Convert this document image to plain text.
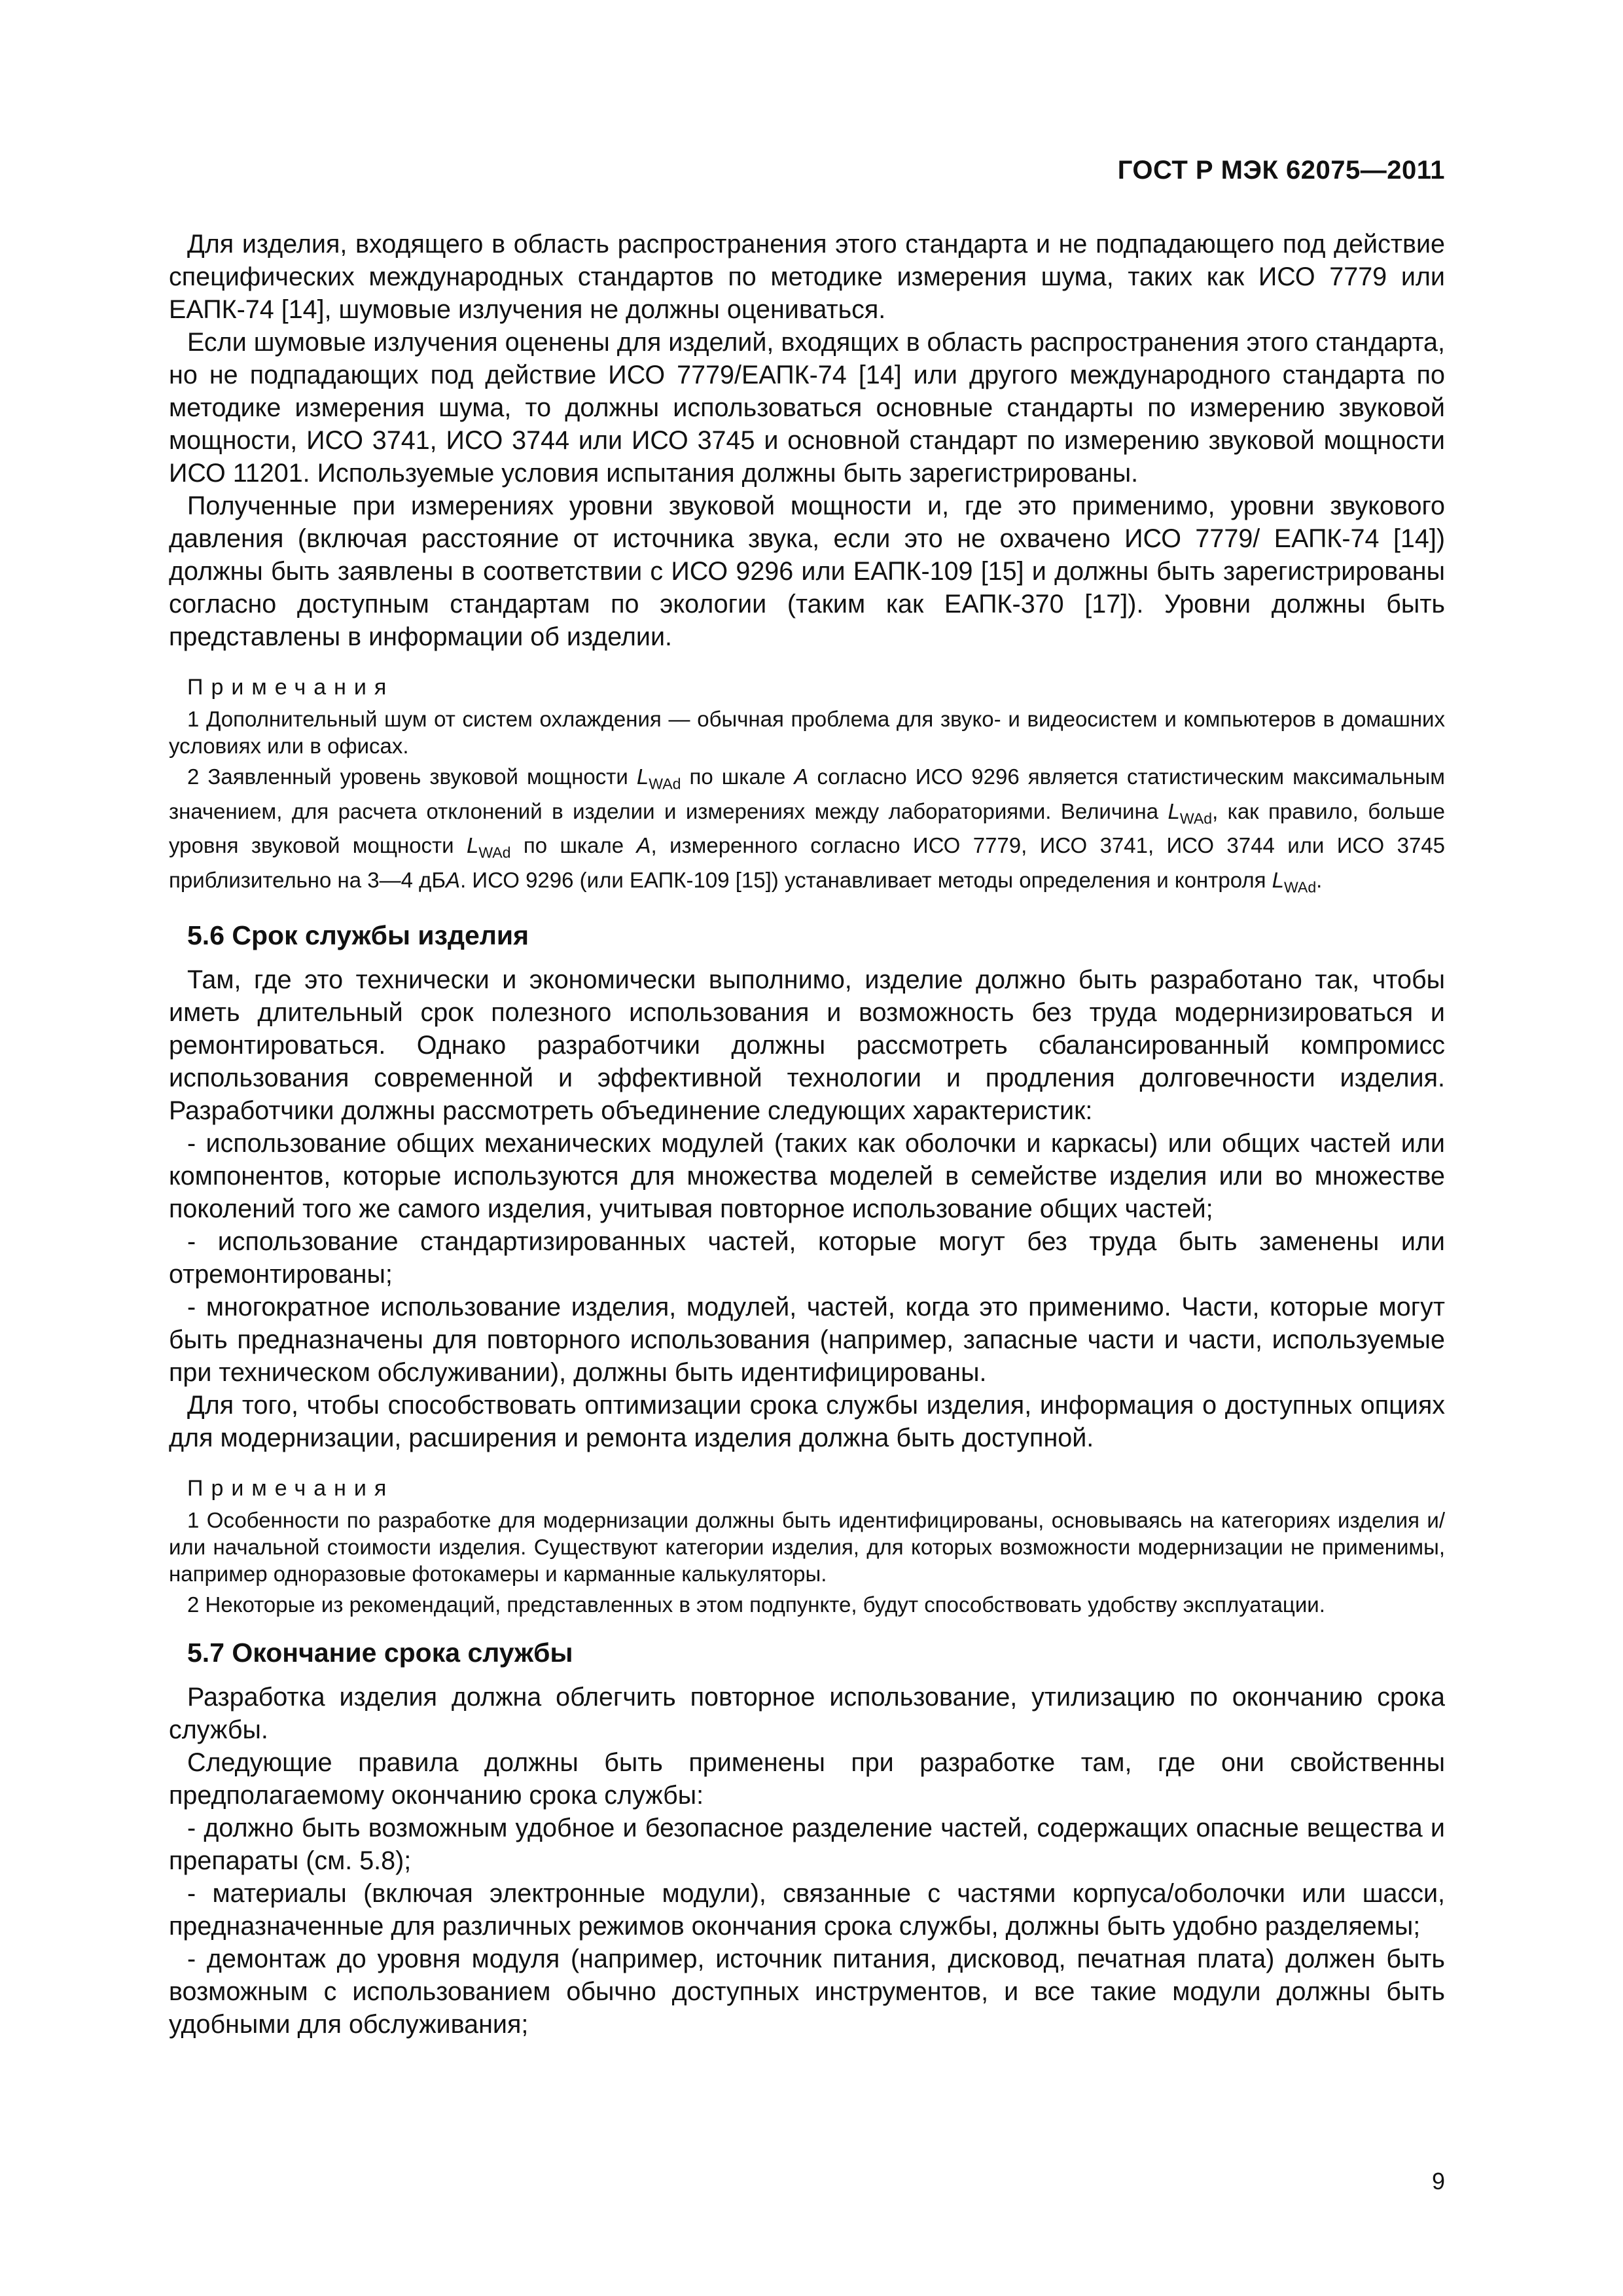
ГОСТ Р МЭК 62075—2011

Для изделия, входящего в область распространения этого стандарта и не подпадающего под действие специфических международных стандартов по методике измерения шума, таких как ИСО 7779 или ЕАПК-74 [14], шумовые излучения не должны оцениваться.

Если шумовые излучения оценены для изделий, входящих в область распространения этого стандарта, но не подпадающих под действие ИСО 7779/ЕАПК-74 [14] или другого международного стандарта по методике измерения шума, то должны использоваться основные стандарты по измерению звуковой мощности, ИСО 3741, ИСО 3744 или ИСО 3745 и основной стандарт по измерению звуковой мощности ИСО 11201. Используемые условия испытания должны быть зарегистрированы.

Полученные при измерениях уровни звуковой мощности и, где это применимо, уровни звукового давления (включая расстояние от источника звука, если это не охвачено ИСО 7779/ ЕАПК-74 [14]) должны быть заявлены в соответствии с ИСО 9296 или ЕАПК-109 [15] и должны быть зарегистрированы согласно доступным стандартам по экологии (таким как ЕАПК-370 [17]). Уровни должны быть представлены в информации об изделии.

Примечания

1 Дополнительный шум от систем охлаждения — обычная проблема для звуко- и видеосистем и компьютеров в домашних условиях или в офисах.

2 Заявленный уровень звуковой мощности $L_{WAd}$ по шкале A согласно ИСО 9296 является статистическим максимальным значением, для расчета отклонений в изделии и измерениях между лабораториями. Величина $L_{WAd}$, как правило, больше уровня звуковой мощности $L_{WAd}$ по шкале A, измеренного согласно ИСО 7779, ИСО 3741, ИСО 3744 или ИСО 3745 приблизительно на 3—4 дБA. ИСО 9296 (или ЕАПК-109 [15]) устанавливает методы определения и контроля $L_{WAd}$.

5.6 Срок службы изделия

Там, где это технически и экономически выполнимо, изделие должно быть разработано так, чтобы иметь длительный срок полезного использования и возможность без труда модернизироваться и ремонтироваться. Однако разработчики должны рассмотреть сбалансированный компромисс использования современной и эффективной технологии и продления долговечности изделия. Разработчики должны рассмотреть объединение следующих характеристик:

- использование общих механических модулей (таких как оболочки и каркасы) или общих частей или компонентов, которые используются для множества моделей в семействе изделия или во множестве поколений того же самого изделия, учитывая повторное использование общих частей;

- использование стандартизированных частей, которые могут без труда быть заменены или отремонтированы;

- многократное использование изделия, модулей, частей, когда это применимо. Части, которые могут быть предназначены для повторного использования (например, запасные части и части, используемые при техническом обслуживании), должны быть идентифицированы.

Для того, чтобы способствовать оптимизации срока службы изделия, информация о доступных опциях для модернизации, расширения и ремонта изделия должна быть доступной.

Примечания

1 Особенности по разработке для модернизации должны быть идентифицированы, основываясь на категориях изделия и/или начальной стоимости изделия. Существуют категории изделия, для которых возможности модернизации не применимы, например одноразовые фотокамеры и карманные калькуляторы.

2 Некоторые из рекомендаций, представленных в этом подпункте, будут способствовать удобству эксплуатации.

5.7 Окончание срока службы

Разработка изделия должна облегчить повторное использование, утилизацию по окончанию срока службы.

Следующие правила должны быть применены при разработке там, где они свойственны предполагаемому окончанию срока службы:

- должно быть возможным удобное и безопасное разделение частей, содержащих опасные вещества и препараты (см. 5.8);

- материалы (включая электронные модули), связанные с частями корпуса/оболочки или шасси, предназначенные для различных режимов окончания срока службы, должны быть удобно разделяемы;

- демонтаж до уровня модуля (например, источник питания, дисковод, печатная плата) должен быть возможным с использованием обычно доступных инструментов, и все такие модули должны быть удобными для обслуживания;

9
